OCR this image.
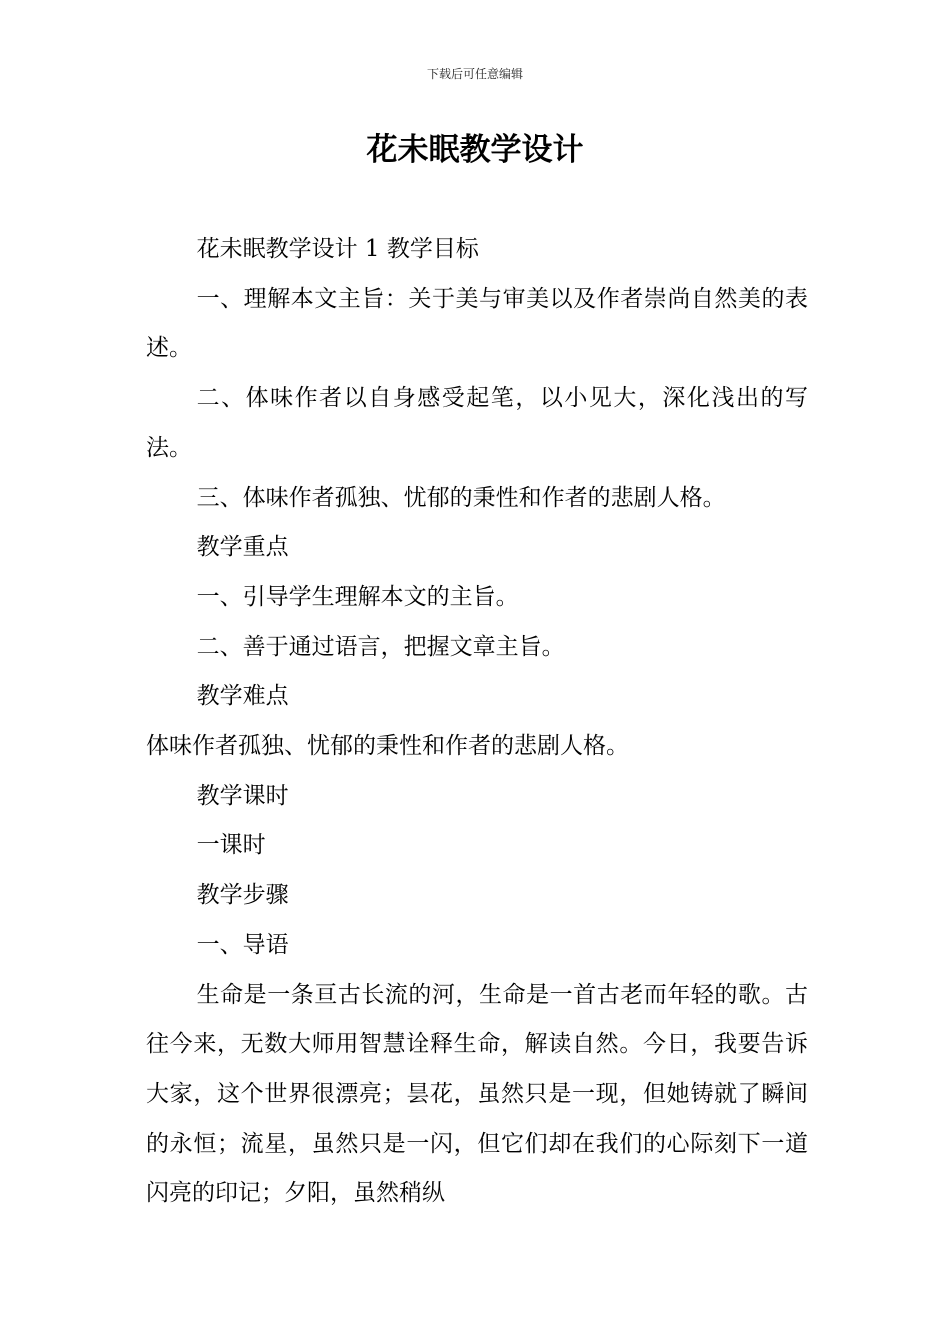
下载后可任意编辑
花未眠教学设计

花未眠教学设计 1 教学目标

一、理解本文主旨：关于美与审美以及作者崇尚自然美的表述。

二、体味作者以自身感受起笔，以小见大，深化浅出的写法。

三、体味作者孤独、忧郁的秉性和作者的悲剧人格。

教学重点

一、引导学生理解本文的主旨。

二、善于通过语言，把握文章主旨。

教学难点

体味作者孤独、忧郁的秉性和作者的悲剧人格。

教学课时

一课时

教学步骤

一、导语

生命是一条亘古长流的河，生命是一首古老而年轻的歌。古往今来，无数大师用智慧诠释生命，解读自然。今日，我要告诉大家，这个世界很漂亮；昙花，虽然只是一现，但她铸就了瞬间的永恒；流星，虽然只是一闪，但它们却在我们的心际刻下一道闪亮的印记；夕阳，虽然稍纵
